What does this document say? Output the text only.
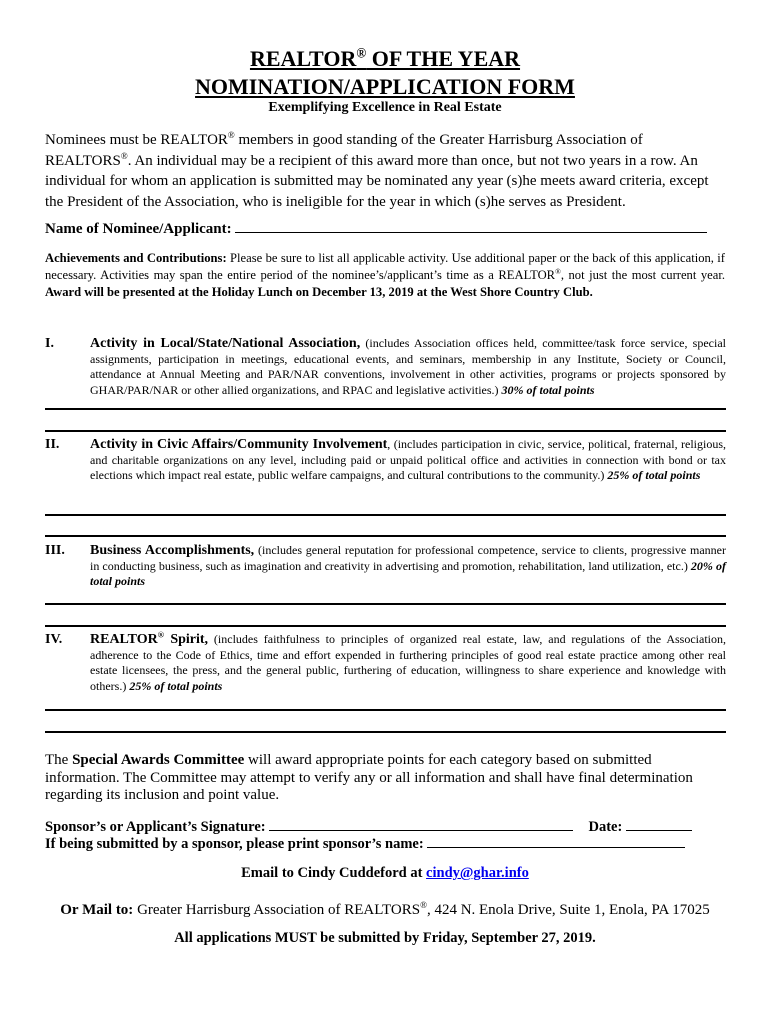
REALTOR® OF THE YEAR
NOMINATION/APPLICATION FORM
Exemplifying Excellence in Real Estate
Nominees must be REALTOR® members in good standing of the Greater Harrisburg Association of REALTORS®. An individual may be a recipient of this award more than once, but not two years in a row. An individual for whom an application is submitted may be nominated any year (s)he meets award criteria, except the President of the Association, who is ineligible for the year in which (s)he serves as President.
Name of Nominee/Applicant:
Achievements and Contributions: Please be sure to list all applicable activity. Use additional paper or the back of this application, if necessary. Activities may span the entire period of the nominee’s/applicant’s time as a REALTOR®, not just the most current year. Award will be presented at the Holiday Lunch on December 13, 2019 at the West Shore Country Club.
I.	Activity in Local/State/National Association, (includes Association offices held, committee/task force service, special assignments, participation in meetings, educational events, and seminars, membership in any Institute, Society or Council, attendance at Annual Meeting and PAR/NAR conventions, involvement in other activities, programs or projects sponsored by GHAR/PAR/NAR or other allied organizations, and RPAC and legislative activities.) 30% of total points
II. Activity in Civic Affairs/Community Involvement, (includes participation in civic, service, political, fraternal, religious, and charitable organizations on any level, including paid or unpaid political office and activities in connection with bond or tax elections which impact real estate, public welfare campaigns, and cultural contributions to the community.) 25% of total points
III. Business Accomplishments, (includes general reputation for professional competence, service to clients, progressive manner in conducting business, such as imagination and creativity in advertising and promotion, rehabilitation, land utilization, etc.) 20% of total points
IV. REALTOR® Spirit, (includes faithfulness to principles of organized real estate, law, and regulations of the Association, adherence to the Code of Ethics, time and effort expended in furthering principles of good real estate practice among other real estate licensees, the press, and the general public, furthering of education, willingness to share experience and knowledge with others.) 25% of total points
The Special Awards Committee will award appropriate points for each category based on submitted information. The Committee may attempt to verify any or all information and shall have final determination regarding its inclusion and point value.
Sponsor’s or Applicant’s Signature:	Date:
If being submitted by a sponsor, please print sponsor’s name:
Email to Cindy Cuddeford at cindy@ghar.info
Or Mail to: Greater Harrisburg Association of REALTORS®, 424 N. Enola Drive, Suite 1, Enola, PA 17025
All applications MUST be submitted by Friday, September 27, 2019.
